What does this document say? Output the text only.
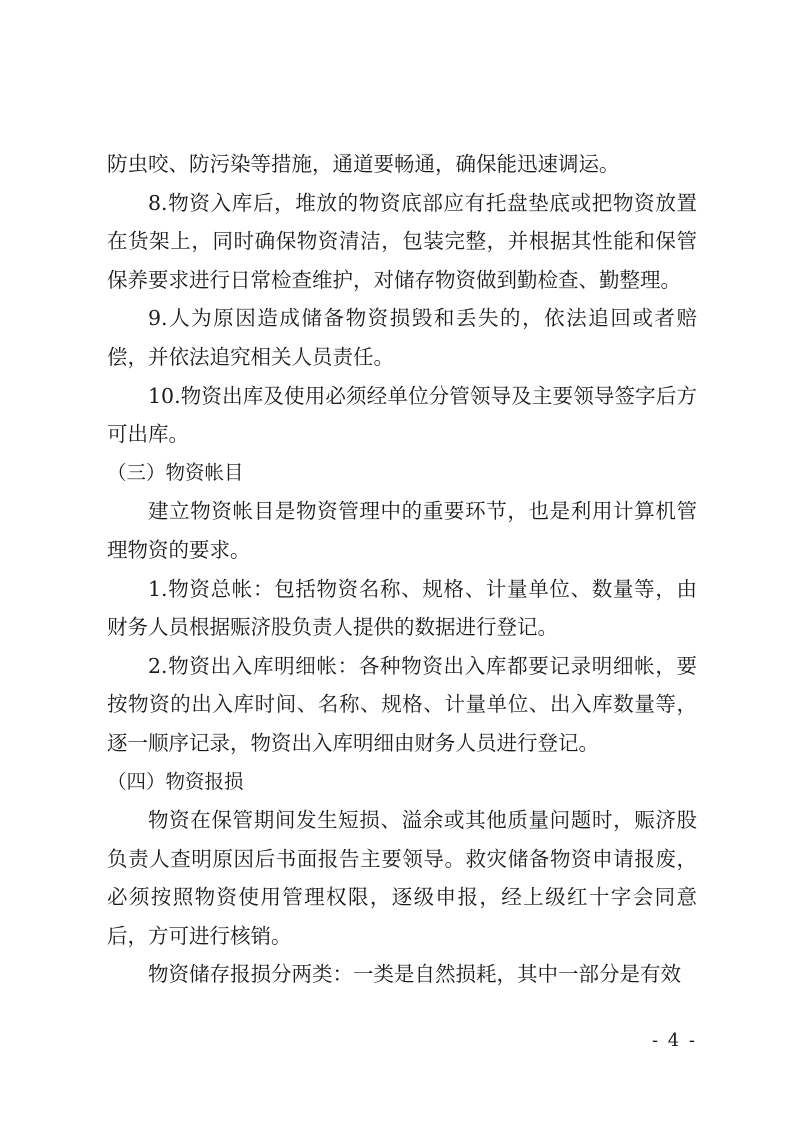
防虫咬、防污染等措施，通道要畅通，确保能迅速调运。

8.物资入库后，堆放的物资底部应有托盘垫底或把物资放置在货架上，同时确保物资清洁，包装完整，并根据其性能和保管保养要求进行日常检查维护，对储存物资做到勤检查、勤整理。

9.人为原因造成储备物资损毁和丢失的，依法追回或者赔偿，并依法追究相关人员责任。

10.物资出库及使用必须经单位分管领导及主要领导签字后方可出库。

（三）物资帐目

建立物资帐目是物资管理中的重要环节，也是利用计算机管理物资的要求。

1.物资总帐：包括物资名称、规格、计量单位、数量等，由财务人员根据赈济股负责人提供的数据进行登记。

2.物资出入库明细帐：各种物资出入库都要记录明细帐，要按物资的出入库时间、名称、规格、计量单位、出入库数量等，逐一顺序记录，物资出入库明细由财务人员进行登记。

（四）物资报损

物资在保管期间发生短损、溢余或其他质量问题时，赈济股负责人查明原因后书面报告主要领导。救灾储备物资申请报废，必须按照物资使用管理权限，逐级申报，经上级红十字会同意后，方可进行核销。

物资储存报损分两类：一类是自然损耗，其中一部分是有效

- 4 -
